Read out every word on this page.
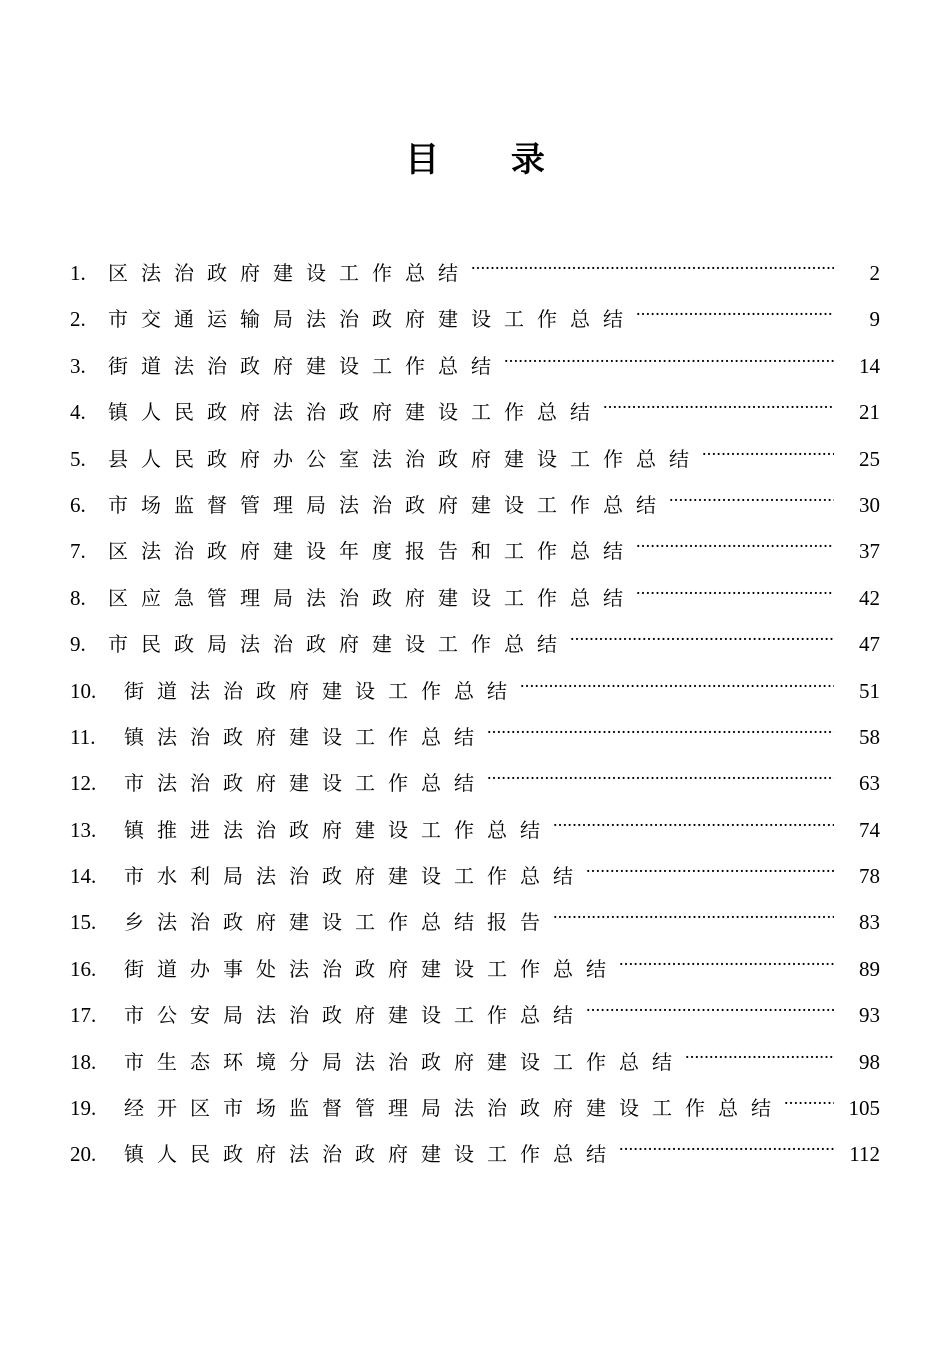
目 录
1.	区法治政府建设工作总结 .....	2
2.	市交通运输局法治政府建设工作总结 .....	9
3.	街道法治政府建设工作总结 .....	14
4.	镇人民政府法治政府建设工作总结 .....	21
5.	县人民政府办公室法治政府建设工作总结 .....	25
6.	市场监督管理局法治政府建设工作总结 .....	30
7.	区法治政府建设年度报告和工作总结 .....	37
8.	区应急管理局法治政府建设工作总结 .....	42
9.	市民政局法治政府建设工作总结 .....	47
10.	街道法治政府建设工作总结 .....	51
11.	镇法治政府建设工作总结 .....	58
12.	市法治政府建设工作总结 .....	63
13.	镇推进法治政府建设工作总结 .....	74
14.	市水利局法治政府建设工作总结 .....	78
15.	乡法治政府建设工作总结报告 .....	83
16.	街道办事处法治政府建设工作总结 .....	89
17.	市公安局法治政府建设工作总结 .....	93
18.	市生态环境分局法治政府建设工作总结 .....	98
19.	经开区市场监督管理局法治政府建设工作总结 .....	105
20.	镇人民政府法治政府建设工作总结 .....	112
